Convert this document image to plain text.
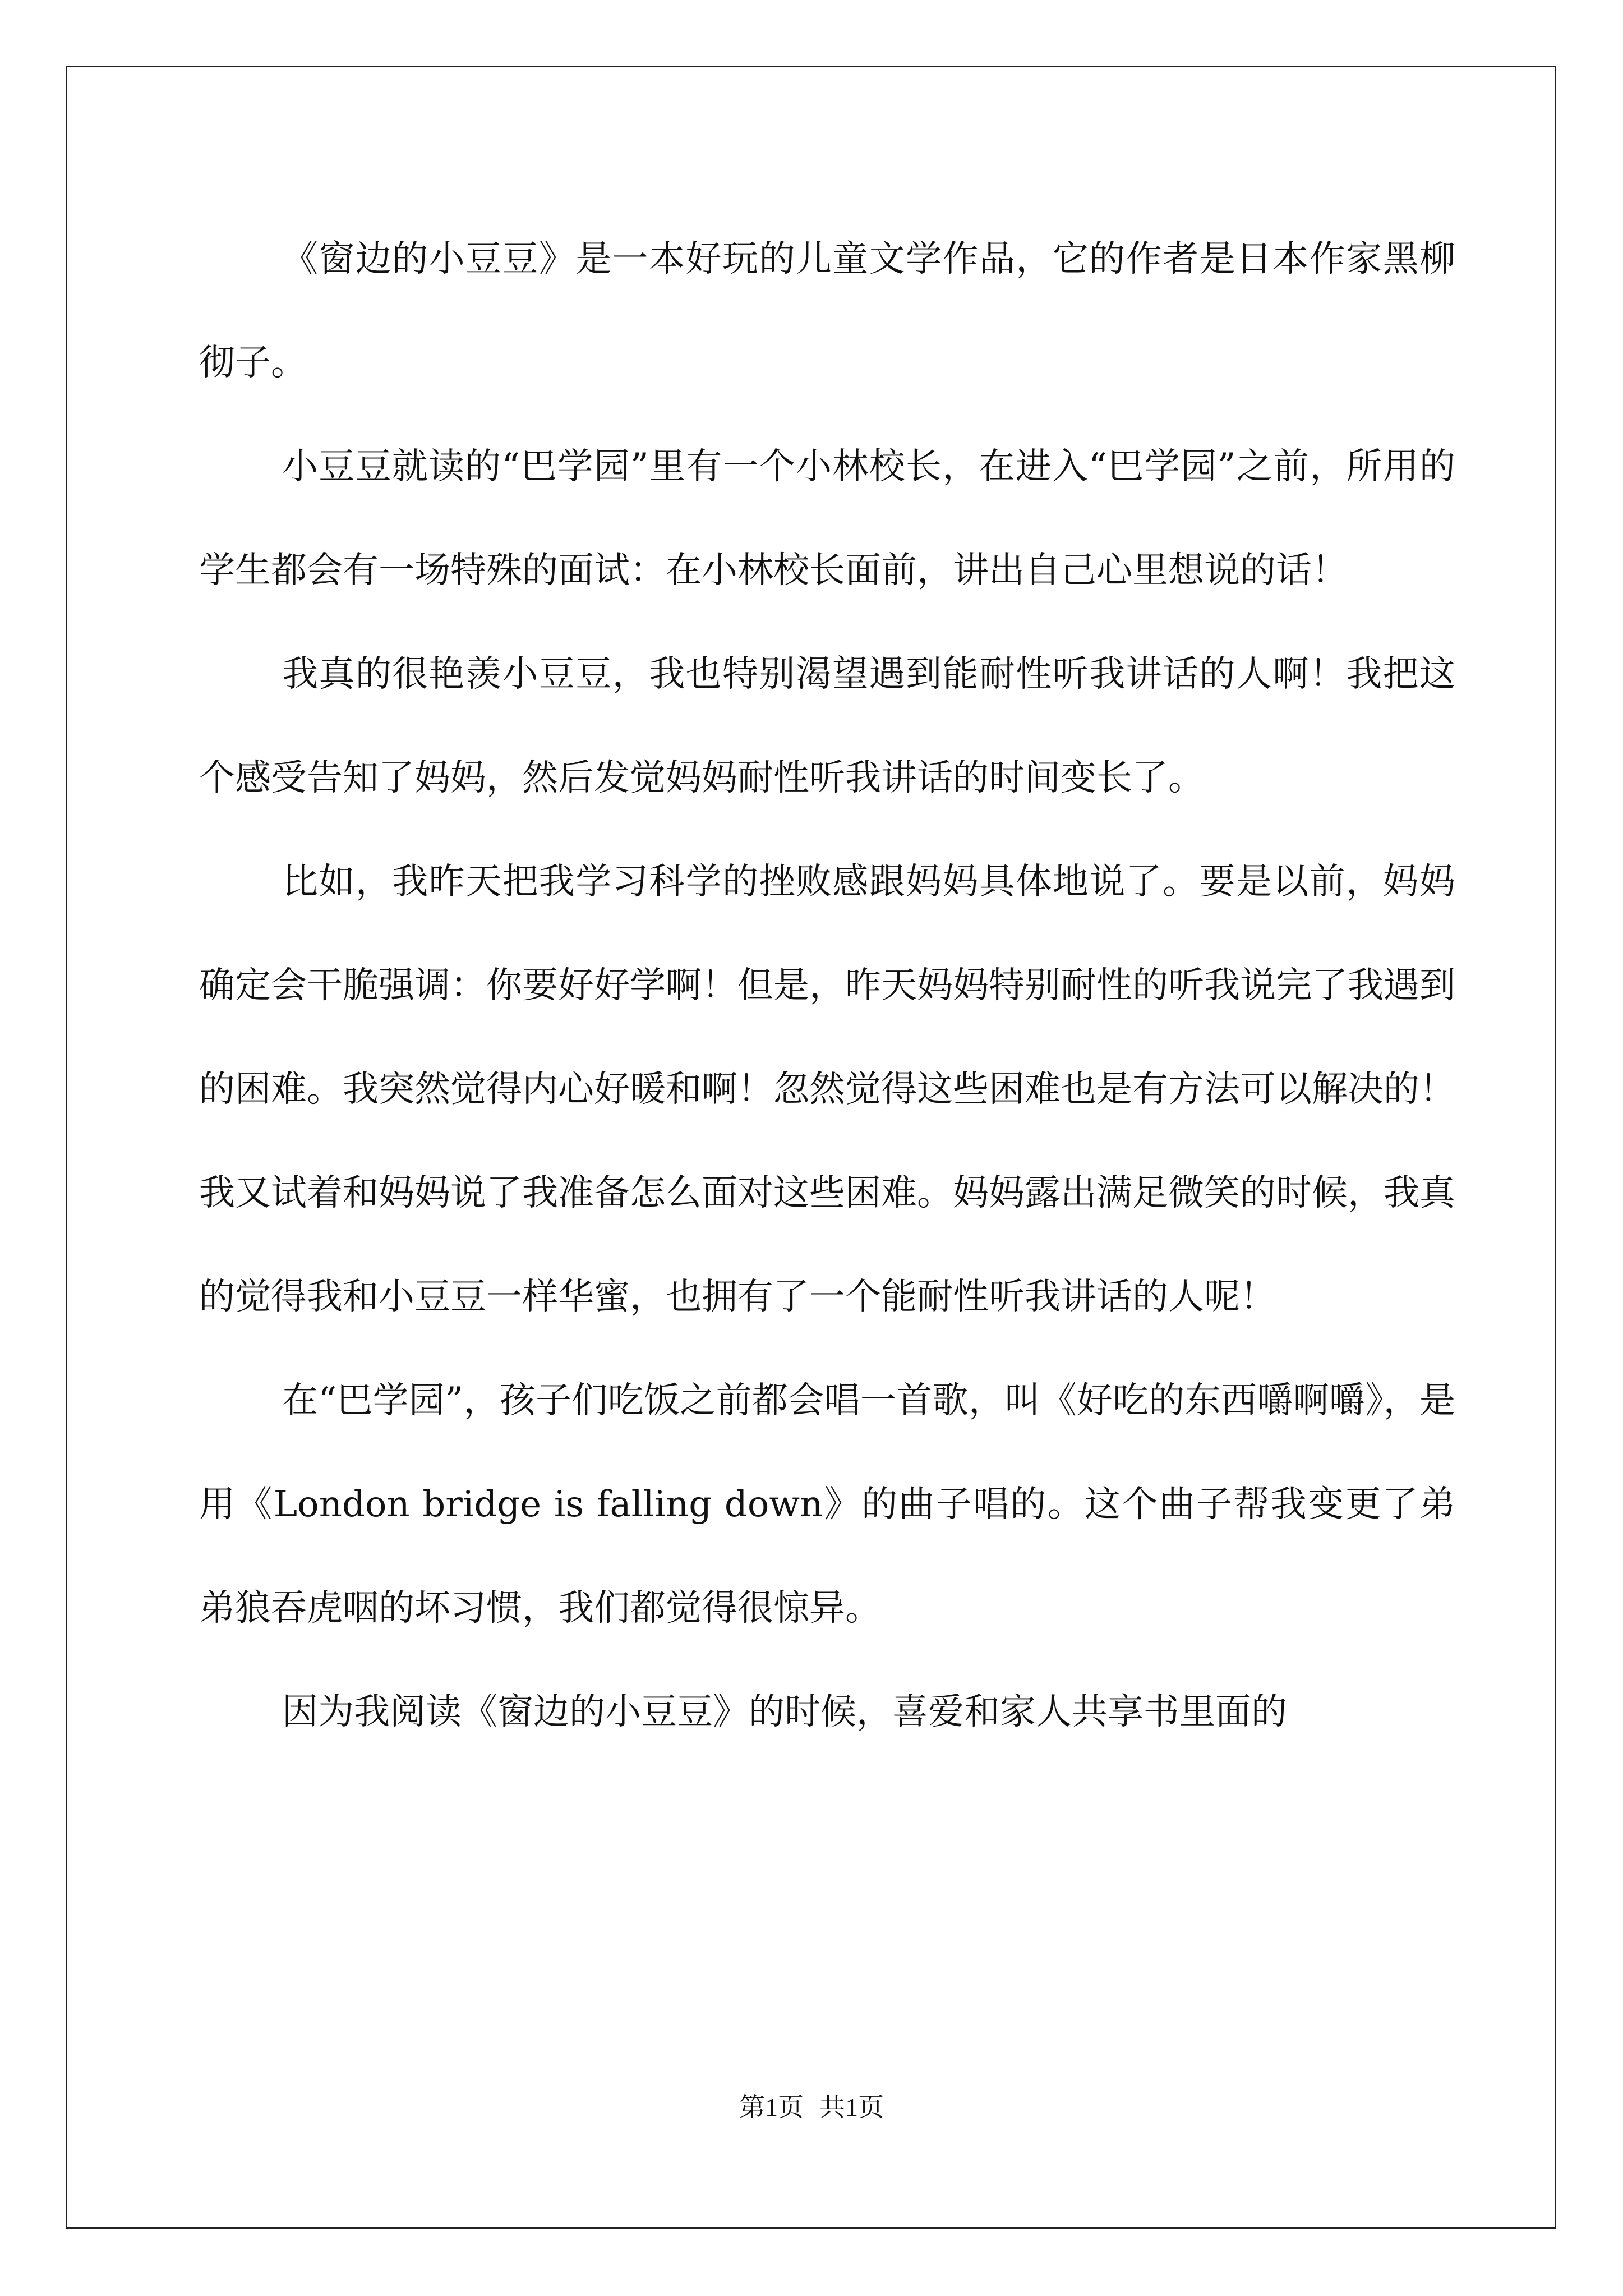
《窗边的小豆豆》是一本好玩的儿童文学作品，它的作者是日本作家黑柳彻子。

小豆豆就读的“巴学园”里有一个小林校长，在进入“巴学园”之前，所用的学生都会有一场特殊的面试：在小林校长面前，讲出自己心里想说的话！

我真的很艳羡小豆豆，我也特别渴望遇到能耐性听我讲话的人啊！我把这个感受告知了妈妈，然后发觉妈妈耐性听我讲话的时间变长了。

比如，我昨天把我学习科学的挫败感跟妈妈具体地说了。要是以前，妈妈确定会干脆强调：你要好好学啊！但是，昨天妈妈特别耐性的听我说完了我遇到的困难。我突然觉得内心好暖和啊！忽然觉得这些困难也是有方法可以解决的！我又试着和妈妈说了我准备怎么面对这些困难。妈妈露出满足微笑的时候，我真的觉得我和小豆豆一样华蜜，也拥有了一个能耐性听我讲话的人呢！

在“巴学园”，孩子们吃饭之前都会唱一首歌，叫《好吃的东西嚼啊嚼》，是用《London bridge is falling down》的曲子唱的。这个曲子帮我变更了弟弟狼吞虎咽的坏习惯，我们都觉得很惊异。

因为我阅读《窗边的小豆豆》的时候，喜爱和家人共享书里面的

第1页 共1页
